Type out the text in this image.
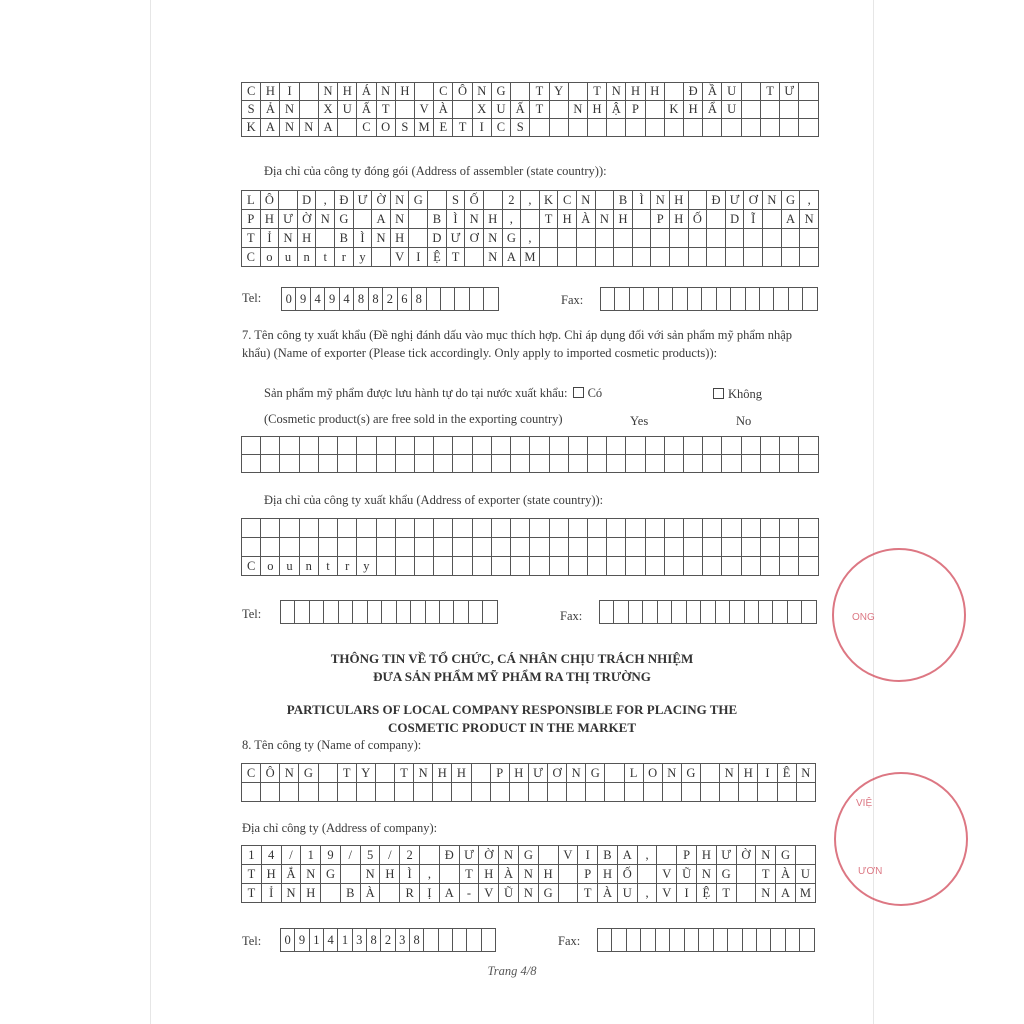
C	H	I		N	H	Á	N	H		C	Ô	N	G		T	Y		T	N	H	H		Đ	Ầ	U		T	Ư	
S	Ả	N		X	U	Ấ	T		V	À		X	U	Ấ	T		N	H	Ậ	P		K	H	Ẩ	U				
K	A	N	N	A		C	O	S	M	E	T	I	C	S															
Địa chỉ của công ty đóng gói (Address of assembler (state country)):
L	Ô		D	,	Đ	Ư	Ờ	N	G		S	Ố		2	,	K	C	N		B	Ì	N	H		Đ	Ư	Ơ	N	G	,
P	H	Ư	Ờ	N	G		A	N		B	Ì	N	H	,		T	H	À	N	H		P	H	Ố		D	Ĩ		A	N
T	Ỉ	N	H		B	Ì	N	H		D	Ư	Ơ	N	G	,															
C	o	u	n	t	r	y		V	I	Ệ	T		N	A	M															
Tel: 0	9	4	9	4	8	8	2	6	8						Fax:

7. Tên công ty xuất khẩu (Đề nghị đánh dấu vào mục thích hợp. Chỉ áp dụng đối với sản phẩm mỹ phẩm nhập khẩu) (Name of exporter (Please tick accordingly. Only apply to imported cosmetic products)):
Sản phẩm mỹ phẩm được lưu hành tự do tại nước xuất khẩu: Có	Không
(Cosmetic product(s) are free sold in the exporting country)	Yes	No

Địa chỉ của công ty xuất khẩu (Address of exporter (state country)):

C	o	u	n	t	r	y																							
Tel:
															Fax:

THÔNG TIN VỀ TỔ CHỨC, CÁ NHÂN CHỊU TRÁCH NHIỆM
ĐƯA SẢN PHẨM MỸ PHẨM RA THỊ TRƯỜNG
PARTICULARS OF LOCAL COMPANY RESPONSIBLE FOR PLACING THE
COSMETIC PRODUCT IN THE MARKET
8. Tên công ty (Name of company):
C	Ô	N	G		T	Y		T	N	H	H		P	H	Ư	Ơ	N	G		L	O	N	G		N	H	I	Ê	N

Địa chỉ công ty (Address of company):
1	4	/	1	9	/	5	/	2		Đ	Ư	Ờ	N	G		V	I	B	A	,		P	H	Ư	Ờ	N	G	
T	H	Ắ	N	G		N	H	Ì	,		T	H	À	N	H		P	H	Ố		V	Ũ	N	G		T	À	U
T	Ỉ	N	H		B	À		R	Ị	A	-	V	Ũ	N	G		T	À	U	,	V	I	Ệ	T		N	A	M
Tel: 0	9	1	4	1	3	8	2	3	8						Fax:

Trang 4/8
ONG
VIỆ
ƯƠN
